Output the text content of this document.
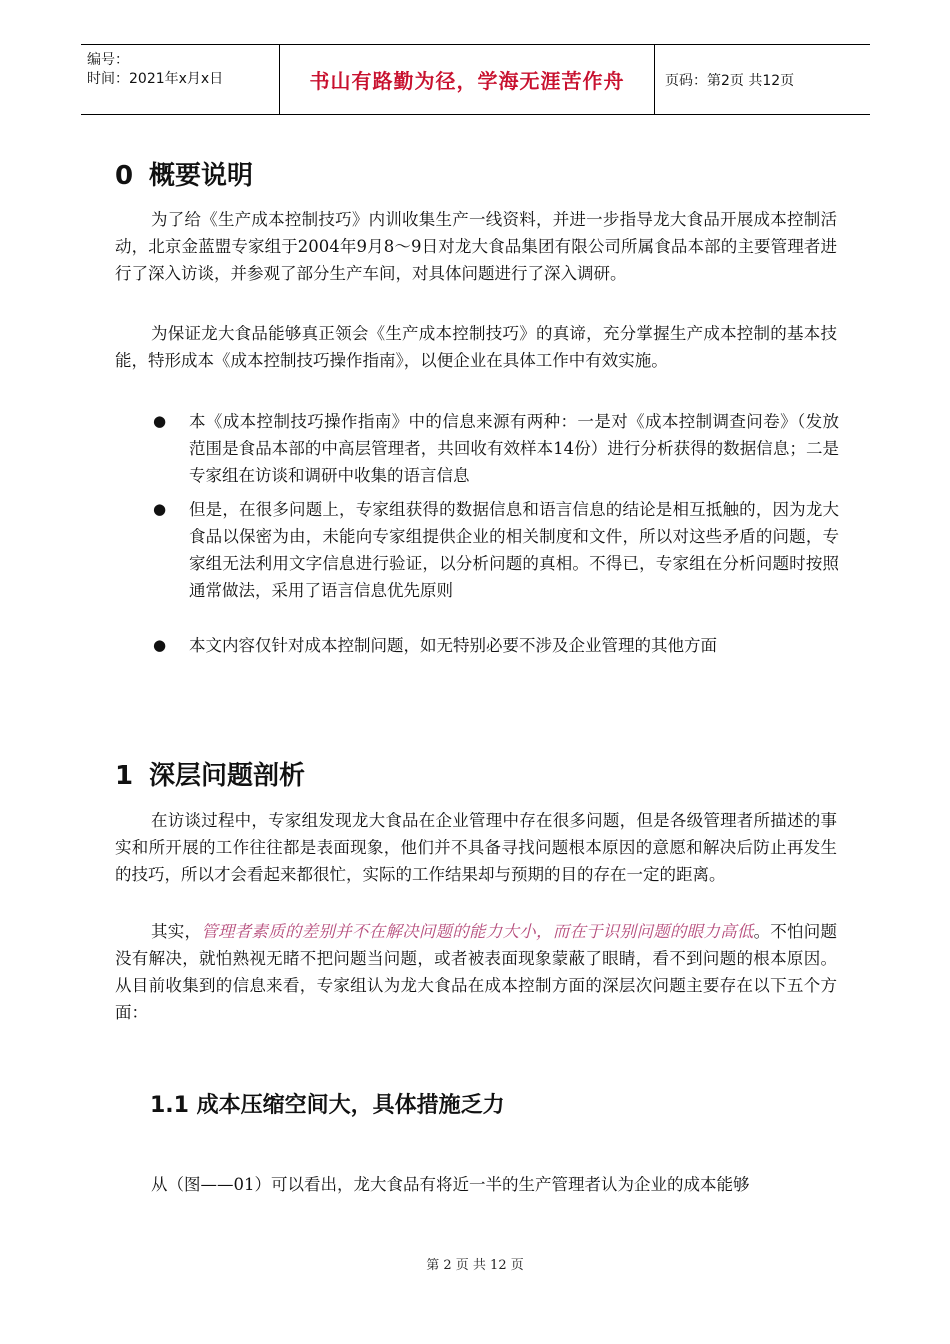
编号：
时间：2021年x月x日	书山有路勤为径，学海无涯苦作舟	页码：第2页 共12页
0 概要说明

为了给《生产成本控制技巧》内训收集生产一线资料，并进一步指导龙大食品开展成本控制活动，北京金蓝盟专家组于2004年9月8～9日对龙大食品集团有限公司所属食品本部的主要管理者进行了深入访谈，并参观了部分生产车间，对具体问题进行了深入调研。

为保证龙大食品能够真正领会《生产成本控制技巧》的真谛，充分掌握生产成本控制的基本技能，特形成本《成本控制技巧操作指南》，以便企业在具体工作中有效实施。

●	本《成本控制技巧操作指南》中的信息来源有两种：一是对《成本控制调查问卷》（发放范围是食品本部的中高层管理者，共回收有效样本14份）进行分析获得的数据信息；二是专家组在访谈和调研中收集的语言信息
●	但是，在很多问题上，专家组获得的数据信息和语言信息的结论是相互抵触的，因为龙大食品以保密为由，未能向专家组提供企业的相关制度和文件，所以对这些矛盾的问题，专家组无法利用文字信息进行验证，以分析问题的真相。不得已，专家组在分析问题时按照通常做法，采用了语言信息优先原则
●	本文内容仅针对成本控制问题，如无特别必要不涉及企业管理的其他方面
1 深层问题剖析

在访谈过程中，专家组发现龙大食品在企业管理中存在很多问题，但是各级管理者所描述的事实和所开展的工作往往都是表面现象，他们并不具备寻找问题根本原因的意愿和解决后防止再发生的技巧，所以才会看起来都很忙，实际的工作结果却与预期的目的存在一定的距离。

其实，管理者素质的差别并不在解决问题的能力大小，而在于识别问题的眼力高低。不怕问题没有解决，就怕熟视无睹不把问题当问题，或者被表面现象蒙蔽了眼睛，看不到问题的根本原因。从目前收集到的信息来看，专家组认为龙大食品在成本控制方面的深层次问题主要存在以下五个方面：

1.1 成本压缩空间大，具体措施乏力

从（图——01）可以看出，龙大食品有将近一半的生产管理者认为企业的成本能够

第 2 页 共 12 页
